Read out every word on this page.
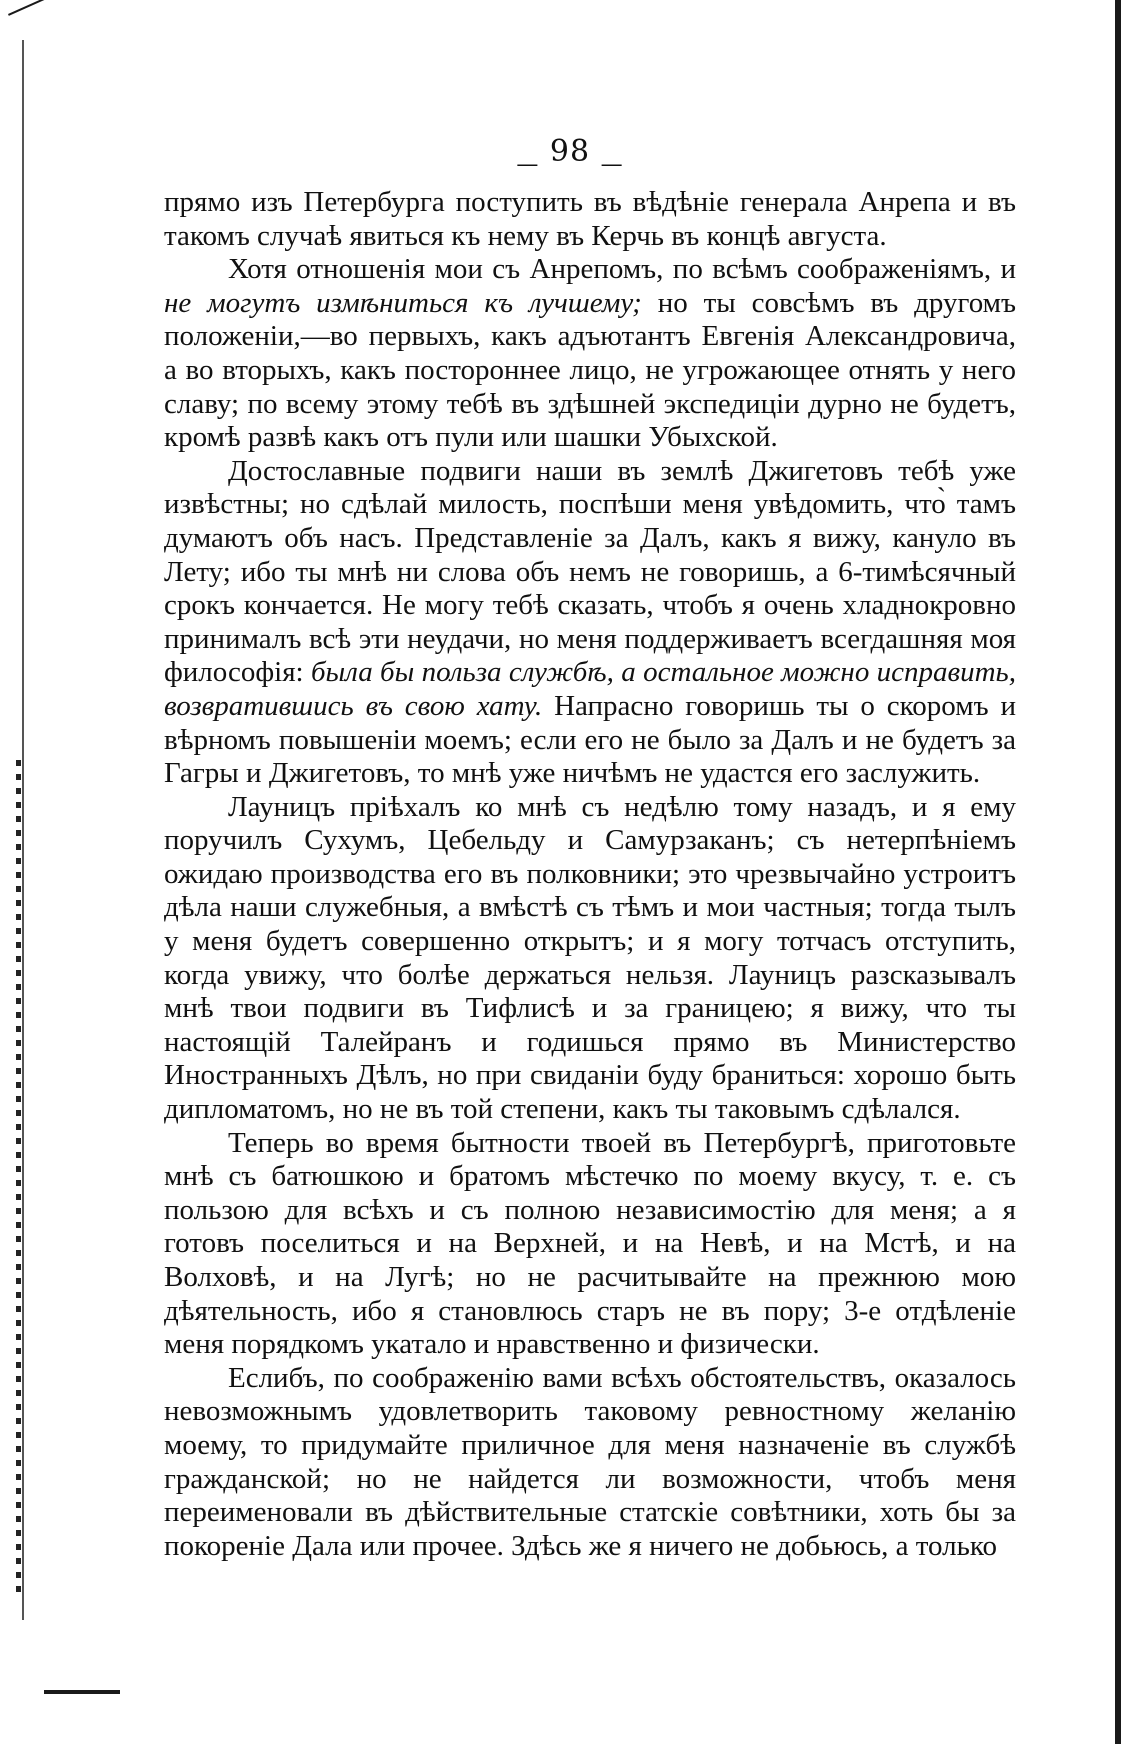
$_—$ 98 $_—$

прямо изъ Петербурга поступить въ вѣдѣніе генерала Анрепа и въ такомъ случаѣ явиться къ нему въ Керчь въ концѣ августа.

Хотя отношенія мои съ Анрепомъ, по всѣмъ соображеніямъ, и не могутъ измѣниться къ лучшему; но ты совсѣмъ въ другомъ положеніи,—во первыхъ, какъ адъютантъ Евгенія Александровича, а во вторыхъ, какъ постороннее лицо, не угрожающее отнять у него славу; по всему этому тебѣ въ здѣшней экспедиціи дурно не будетъ, кромѣ развѣ какъ отъ пули или шашки Убыхской.

Достославные подвиги наши въ землѣ Джигетовъ тебѣ уже извѣстны; но сдѣлай милость, поспѣши меня увѣдомить, что̀ тамъ думаютъ объ насъ. Представленіе за Далъ, какъ я вижу, кануло въ Лету; ибо ты мнѣ ни слова объ немъ не говоришь, а 6-тимѣсячный срокъ кончается. Не могу тебѣ сказать, чтобъ я очень хладнокровно принималъ всѣ эти неудачи, но меня поддерживаетъ всегдашняя моя философія: была бы польза службѣ, а остальное можно исправить, возвратившись въ свою хату. Напрасно говоришь ты о скоромъ и вѣрномъ повышеніи моемъ; если его не было за Далъ и не будетъ за Гагры и Джигетовъ, то мнѣ уже ничѣмъ не удастся его заслужить.

Лауницъ пріѣхалъ ко мнѣ съ недѣлю тому назадъ, и я ему поручилъ Сухумъ, Цебельду и Самурзаканъ; съ нетерпѣніемъ ожидаю производства его въ полковники; это чрезвычайно устроитъ дѣла наши служебныя, а вмѣстѣ съ тѣмъ и мои частныя; тогда тылъ у меня будетъ совершенно открытъ; и я могу тотчасъ отступить, когда увижу, что болѣе держаться нельзя. Лауницъ разсказывалъ мнѣ твои подвиги въ Тифлисѣ и за границею; я вижу, что ты настоящій Талейранъ и годишься прямо въ Министерство Иностранныхъ Дѣлъ, но при свиданіи буду браниться: хорошо быть дипломатомъ, но не въ той степени, какъ ты таковымъ сдѣлался.

Теперь во время бытности твоей въ Петербургѣ, приготовьте мнѣ съ батюшкою и братомъ мѣстечко по моему вкусу, т. е. съ пользою для всѣхъ и съ полною независимостію для меня; а я готовъ поселиться и на Верхней, и на Невѣ, и на Мстѣ, и на Волховѣ, и на Лугѣ; но не расчитывайте на прежнюю мою дѣятельность, ибо я становлюсь старъ не въ пору; 3-е отдѣленіе меня порядкомъ укатало и нравственно и физически.

Еслибъ, по соображенію вами всѣхъ обстоятельствъ, оказалось невозможнымъ удовлетворить таковому ревностному желанію моему, то придумайте приличное для меня назначеніе въ службѣ гражданской; но не найдется ли возможности, чтобъ меня переименовали въ дѣйствительные статскіе совѣтники, хоть бы за покореніе Дала или прочее. Здѣсь же я ничего не добьюсь, а только
